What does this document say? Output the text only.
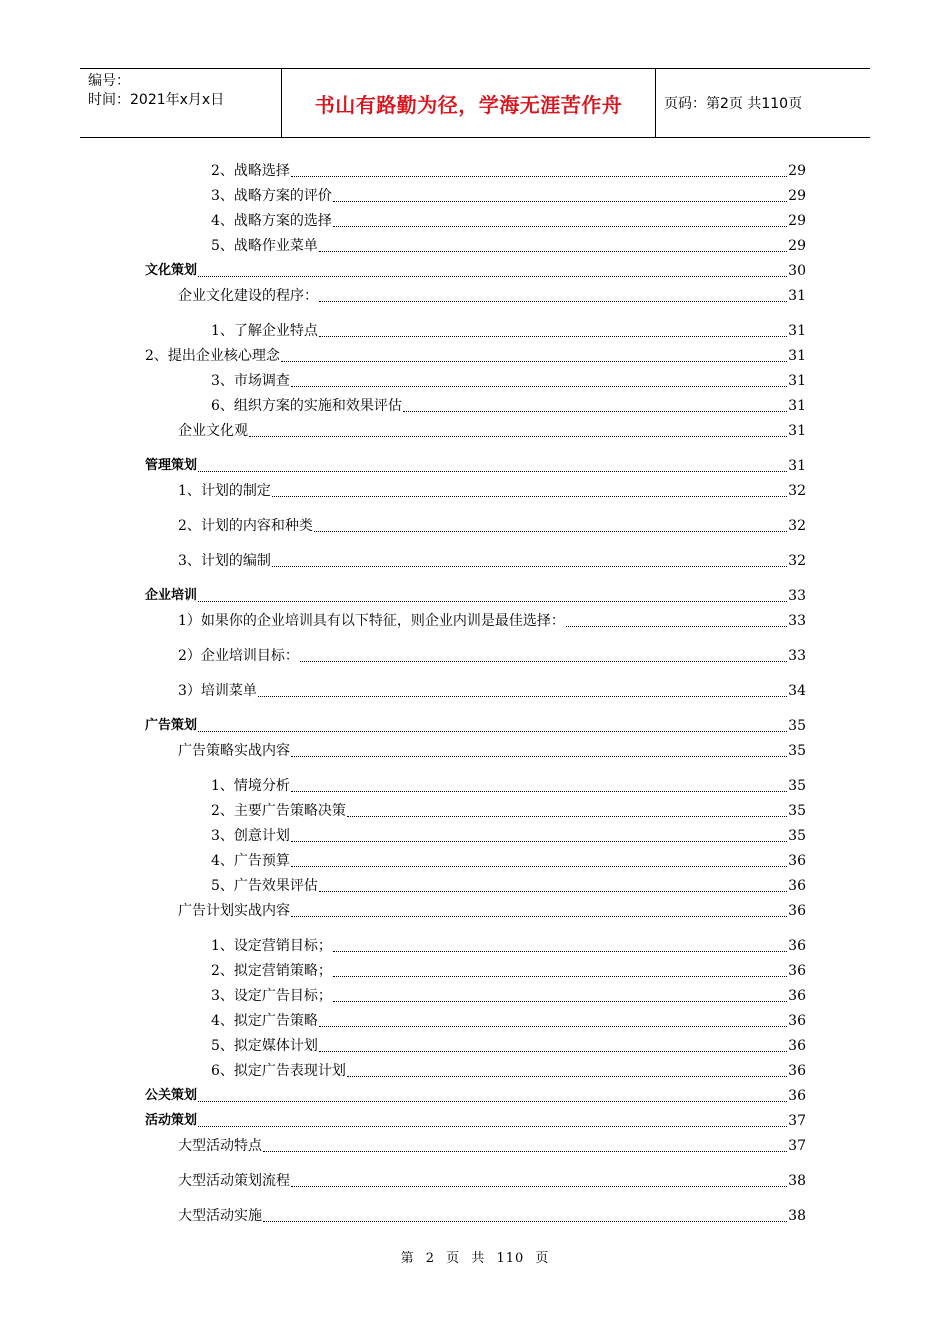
编号：
时间：2021年x月x日	书山有路勤为径，学海无涯苦作舟	页码：第2页 共110页
2、战略选择	29
3、战略方案的评价	29
4、战略方案的选择	29
5、战略作业菜单	29
文化策划	30
企业文化建设的程序：	31
1、了解企业特点	31
2、提出企业核心理念	31
3、市场调查	31
6、组织方案的实施和效果评估	31
企业文化观	31
管理策划	31
1、计划的制定	32
2、计划的内容和种类	32
3、计划的编制	32
企业培训	33
1）如果你的企业培训具有以下特征，则企业内训是最佳选择：	33
2）企业培训目标：	33
3）培训菜单	34
广告策划	35
广告策略实战内容	35
1、情境分析	35
2、主要广告策略决策	35
3、创意计划	35
4、广告预算	36
5、广告效果评估	36
广告计划实战内容	36
1、设定营销目标；	36
2、拟定营销策略；	36
3、设定广告目标；	36
4、拟定广告策略	36
5、拟定媒体计划	36
6、拟定广告表现计划	36
公关策划	36
活动策划	37
大型活动特点	37
大型活动策划流程	38
大型活动实施	38
第 2 页 共 110 页
